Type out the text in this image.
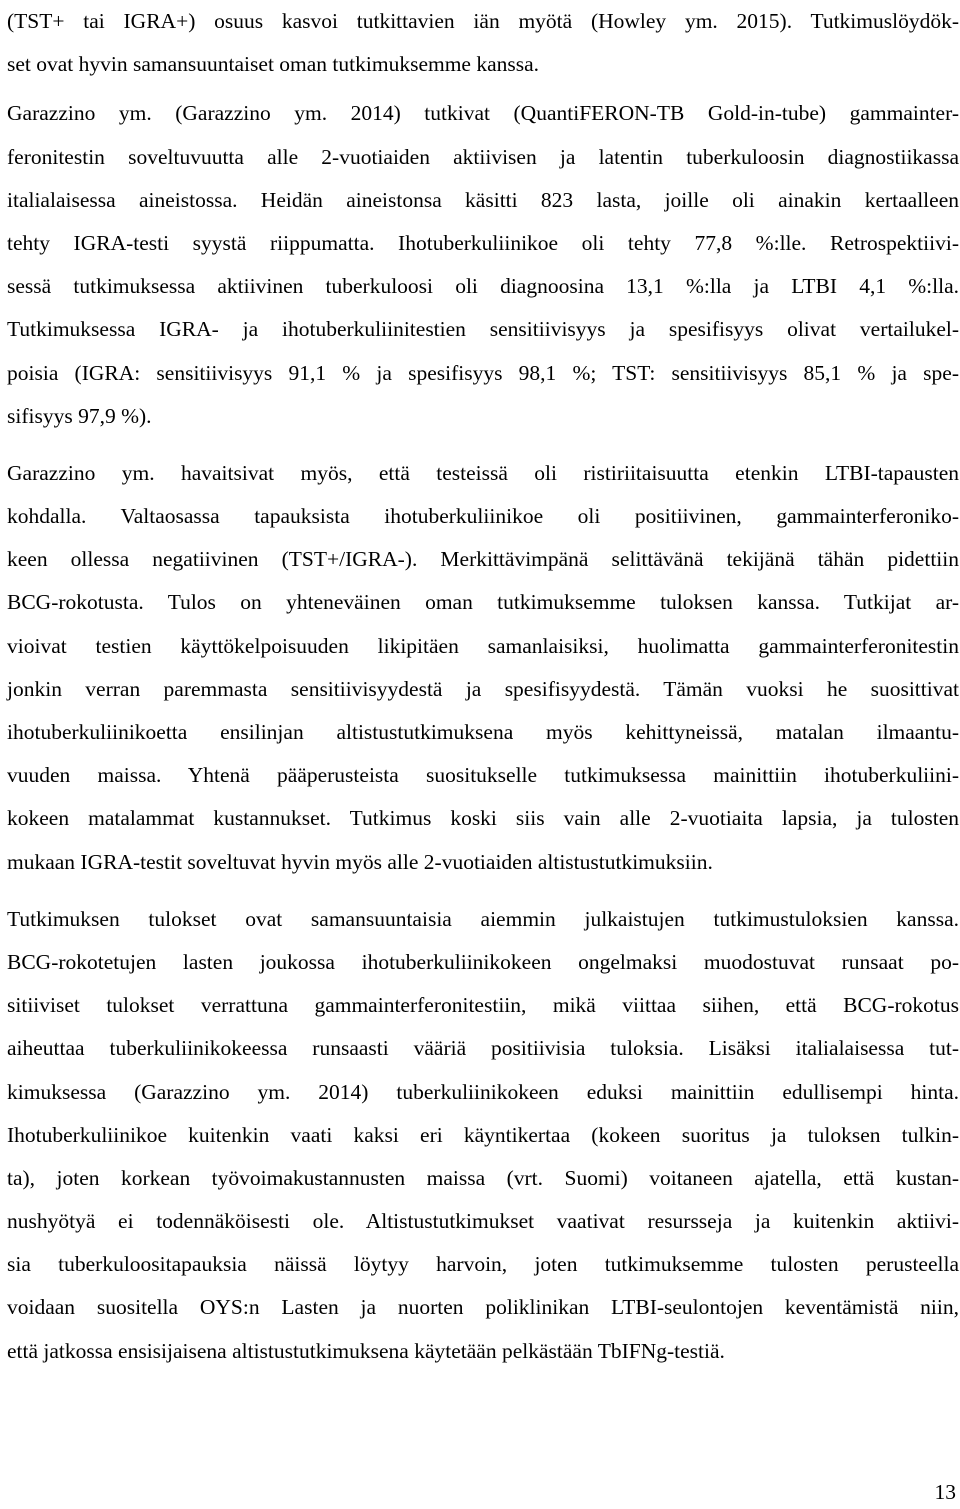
(TST+ tai IGRA+) osuus kasvoi tutkittavien iän myötä (Howley ym. 2015). Tutkimuslöydök-
set ovat hyvin samansuuntaiset oman tutkimuksemme kanssa.
Garazzino ym. (Garazzino ym. 2014) tutkivat (QuantiFERON-TB Gold-in-tube) gammainter-
feronitestin soveltuvuutta alle 2-vuotiaiden aktiivisen ja latentin tuberkuloosin diagnostiikassa
italialaisessa aineistossa. Heidän aineistonsa käsitti 823 lasta, joille oli ainakin kertaalleen
tehty IGRA-testi syystä riippumatta. Ihotuberkuliinikoe oli tehty 77,8 %:lle. Retrospektiivi-
sessä tutkimuksessa aktiivinen tuberkuloosi oli diagnoosina 13,1 %:lla ja LTBI 4,1 %:lla.
Tutkimuksessa IGRA- ja ihotuberkuliinitestien sensitiivisyys ja spesifisyys olivat vertailukel-
poisia (IGRA: sensitiivisyys 91,1 % ja spesifisyys 98,1 %; TST: sensitiivisyys 85,1 % ja spe-
sifisyys 97,9 %).
Garazzino ym. havaitsivat myös, että testeissä oli ristiriitaisuutta etenkin LTBI-tapausten
kohdalla. Valtaosassa tapauksista ihotuberkuliinikoe oli positiivinen, gammainterferoniko-
keen ollessa negatiivinen (TST+/IGRA-). Merkittävimpänä selittävänä tekijänä tähän pidettiin
BCG-rokotusta. Tulos on yhteneväinen oman tutkimuksemme tuloksen kanssa. Tutkijat ar-
vioivat testien käyttökelpoisuuden likipitäen samanlaisiksi, huolimatta gammainterferonitestin
jonkin verran paremmasta sensitiivisyydestä ja spesifisyydestä. Tämän vuoksi he suosittivat
ihotuberkuliinikoetta ensilinjan altistustutkimuksena myös kehittyneissä, matalan ilmaantu-
vuuden maissa. Yhtenä pääperusteista suositukselle tutkimuksessa mainittiin ihotuberkuliini-
kokeen matalammat kustannukset. Tutkimus koski siis vain alle 2-vuotiaita lapsia, ja tulosten
mukaan IGRA-testit soveltuvat hyvin myös alle 2-vuotiaiden altistustutkimuksiin.
Tutkimuksen tulokset ovat samansuuntaisia aiemmin julkaistujen tutkimustuloksien kanssa.
BCG-rokotetujen lasten joukossa ihotuberkuliinikokeen ongelmaksi muodostuvat runsaat po-
sitiiviset tulokset verrattuna gammainterferonitestiin, mikä viittaa siihen, että BCG-rokotus
aiheuttaa tuberkuliinikokeessa runsaasti vääriä positiivisia tuloksia. Lisäksi italialaisessa tut-
kimuksessa (Garazzino ym. 2014) tuberkuliinikokeen eduksi mainittiin edullisempi hinta.
Ihotuberkuliinikoe kuitenkin vaati kaksi eri käyntikertaa (kokeen suoritus ja tuloksen tulkin-
ta), joten korkean työvoimakustannusten maissa (vrt. Suomi) voitaneen ajatella, että kustan-
nushyötyä ei todennäköisesti ole. Altistustutkimukset vaativat resursseja ja kuitenkin aktiivi-
sia tuberkuloositapauksia näissä löytyy harvoin, joten tutkimuksemme tulosten perusteella
voidaan suositella OYS:n Lasten ja nuorten poliklinikan LTBI-seulontojen keventämistä niin,
että jatkossa ensisijaisena altistustutkimuksena käytetään pelkästään TbIFNg-testiä.
13
